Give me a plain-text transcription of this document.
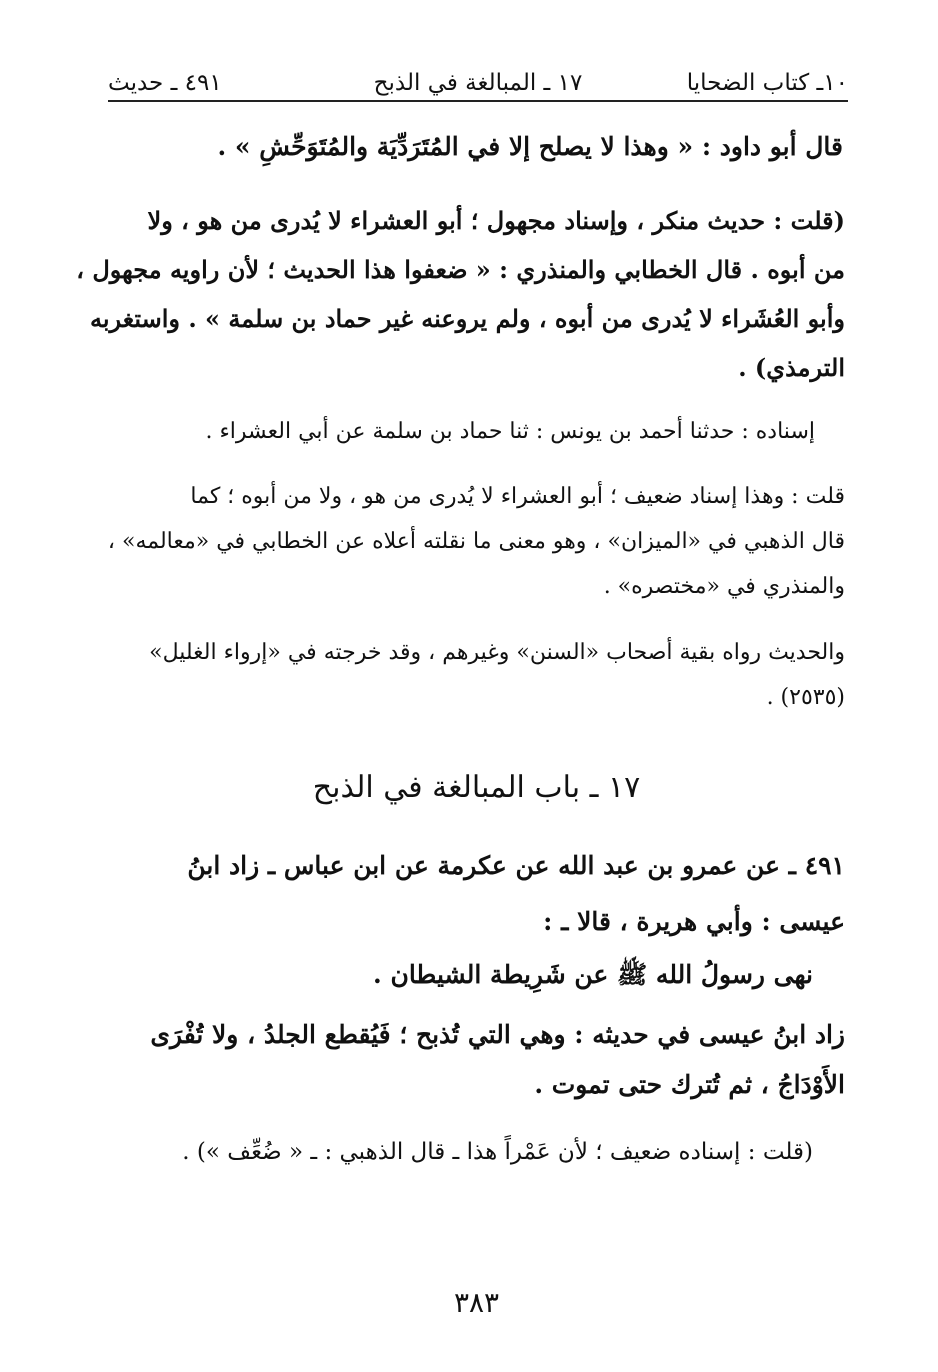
١٠ـ كتاب الضحايا
١٧ ـ المبالغة في الذبح
٤٩١ ـ حديث
قال أبو داود : « وهذا لا يصلح إلا في المُتَرَدِّيَة والمُتَوَحِّشِ » .
(قلت : حديث منكر ، وإسناد مجهول ؛ أبو العشراء لا يُدرى من هو ، ولا
من أبوه . قال الخطابي والمنذري : « ضعفوا هذا الحديث ؛ لأن راويه مجهول ،
وأبو العُشَراء لا يُدرى من أبوه ، ولم يروعنه غير حماد بن سلمة » . واستغربه
الترمذي) .
إسناده : حدثنا أحمد بن يونس : ثنا حماد بن سلمة عن أبي العشراء .
قلت : وهذا إسناد ضعيف ؛ أبو العشراء لا يُدرى من هو ، ولا من أبوه ؛ كما
قال الذهبي في «الميزان» ، وهو معنى ما نقلته أعلاه عن الخطابي في «معالمه» ،
والمنذري في «مختصره» .
والحديث رواه بقية أصحاب «السنن» وغيرهم ، وقد خرجته في «إرواء الغليل»
(٢٥٣٥) .
١٧ ـ باب المبالغة في الذبح
٤٩١ ـ عن عمرو بن عبد الله عن عكرمة عن ابن عباس ـ زاد ابنُ
عيسى : وأبي هريرة ، قالا ـ :
نهى رسولُ الله ﷺ عن شَرِيطة الشيطان .
زاد ابنُ عيسى في حديثه : وهي التي تُذبح ؛ فَيُقطع الجلدُ ، ولا تُفْرَى
الأَوْدَاجُ ، ثم تُترك حتى تموت .
(قلت : إسناده ضعيف ؛ لأن عَمْراً هذا ـ قال الذهبي : ـ « ضُعِّف ») .
٣٨٣
